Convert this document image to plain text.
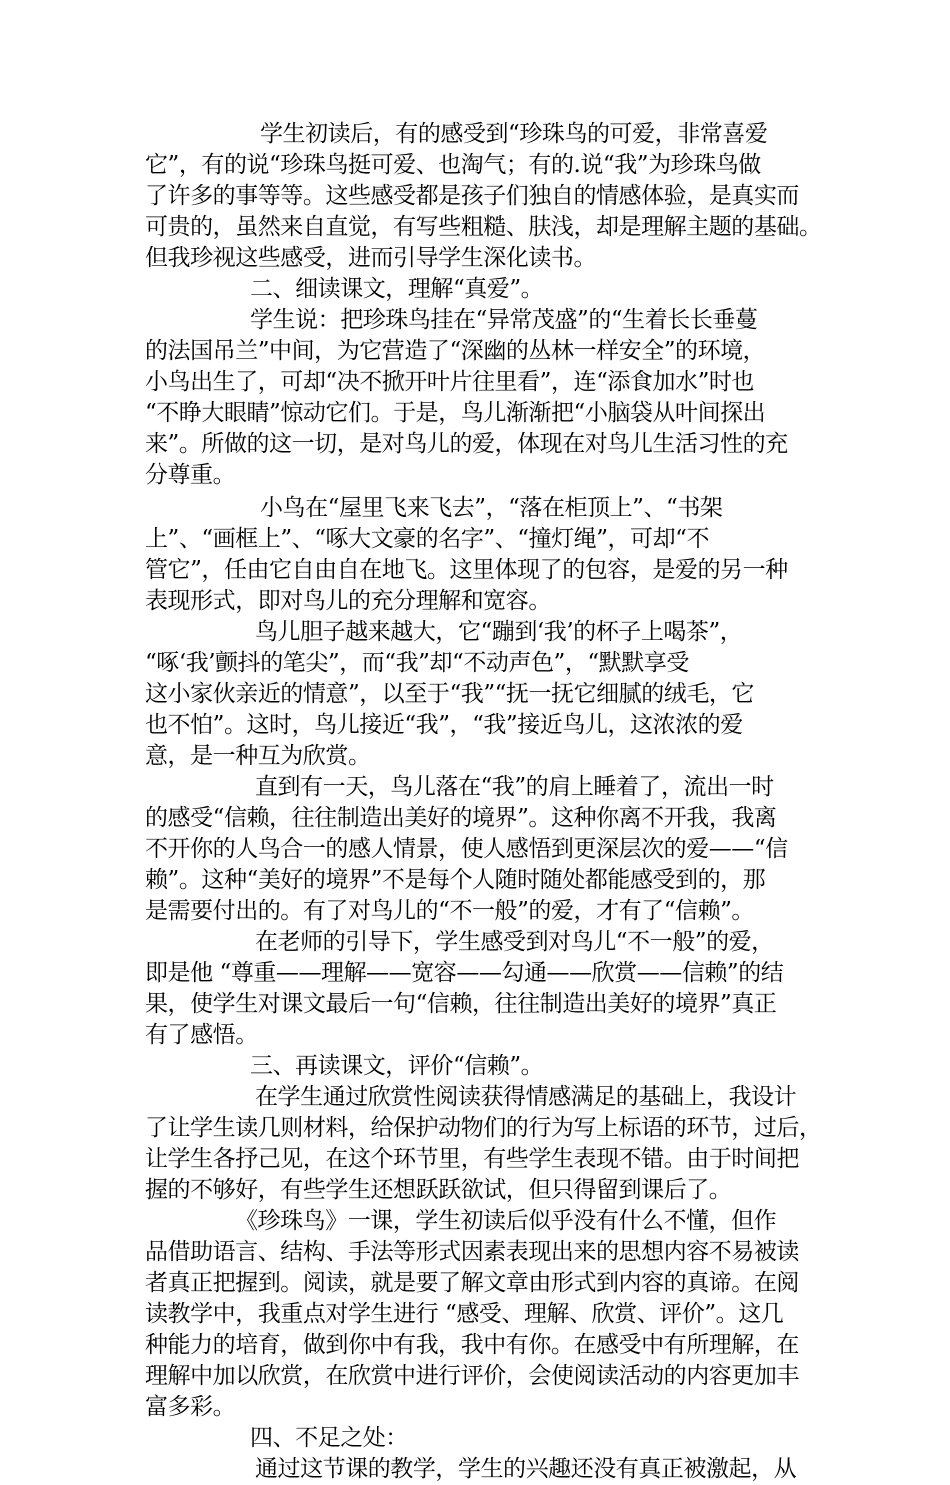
学生初读后，有的感受到“珍珠鸟的可爱，非常喜爱
它”，有的说“珍珠鸟挺可爱、也淘气；有的.说“我”为珍珠鸟做
了许多的事等等。这些感受都是孩子们独自的情感体验，是真实而
可贵的，虽然来自直觉，有写些粗糙、肤浅，却是理解主题的基础。
但我珍视这些感受，进而引导学生深化读书。
二、细读课文，理解“真爱”。
学生说：把珍珠鸟挂在“异常茂盛”的“生着长长垂蔓
的法国吊兰”中间，为它营造了“深幽的丛林一样安全”的环境，
小鸟出生了，可却“决不掀开叶片往里看”，连“添食加水”时也
“不睁大眼睛”惊动它们。于是，鸟儿渐渐把“小脑袋从叶间探出
来”。所做的这一切，是对鸟儿的爱，体现在对鸟儿生活习性的充
分尊重。
小鸟在“屋里飞来飞去”，“落在柜顶上”、“书架
上”、“画框上”、“啄大文豪的名字”、“撞灯绳”，可却“不
管它”，任由它自由自在地飞。这里体现了的包容，是爱的另一种
表现形式，即对鸟儿的充分理解和宽容。
鸟儿胆子越来越大，它“蹦到‘我’的杯子上喝茶”，
“啄‘我’颤抖的笔尖”，而“我”却“不动声色”，“默默享受
这小家伙亲近的情意”，以至于“我”“抚一抚它细腻的绒毛，它
也不怕”。这时，鸟儿接近“我”，“我”接近鸟儿，这浓浓的爱
意，是一种互为欣赏。
直到有一天，鸟儿落在“我”的肩上睡着了，流出一时
的感受“信赖，往往制造出美好的境界”。这种你离不开我，我离
不开你的人鸟合一的感人情景，使人感悟到更深层次的爱——“信
赖”。这种“美好的境界”不是每个人随时随处都能感受到的，那
是需要付出的。有了对鸟儿的“不一般”的爱，才有了“信赖”。
在老师的引导下，学生感受到对鸟儿“不一般”的爱，
即是他 “尊重——理解——宽容——勾通——欣赏——信赖”的结
果，使学生对课文最后一句“信赖，往往制造出美好的境界”真正
有了感悟。
三、再读课文，评价“信赖”。
在学生通过欣赏性阅读获得情感满足的基础上，我设计
了让学生读几则材料，给保护动物们的行为写上标语的环节，过后，
让学生各抒己见，在这个环节里，有些学生表现不错。由于时间把
握的不够好，有些学生还想跃跃欲试，但只得留到课后了。
《珍珠鸟》一课，学生初读后似乎没有什么不懂，但作
品借助语言、结构、手法等形式因素表现出来的思想内容不易被读
者真正把握到。阅读，就是要了解文章由形式到内容的真谛。在阅
读教学中，我重点对学生进行 “感受、理解、欣赏、评价”。这几
种能力的培育，做到你中有我，我中有你。在感受中有所理解，在
理解中加以欣赏，在欣赏中进行评价，会使阅读活动的内容更加丰
富多彩。
四、不足之处：
通过这节课的教学，学生的兴趣还没有真正被激起，从
